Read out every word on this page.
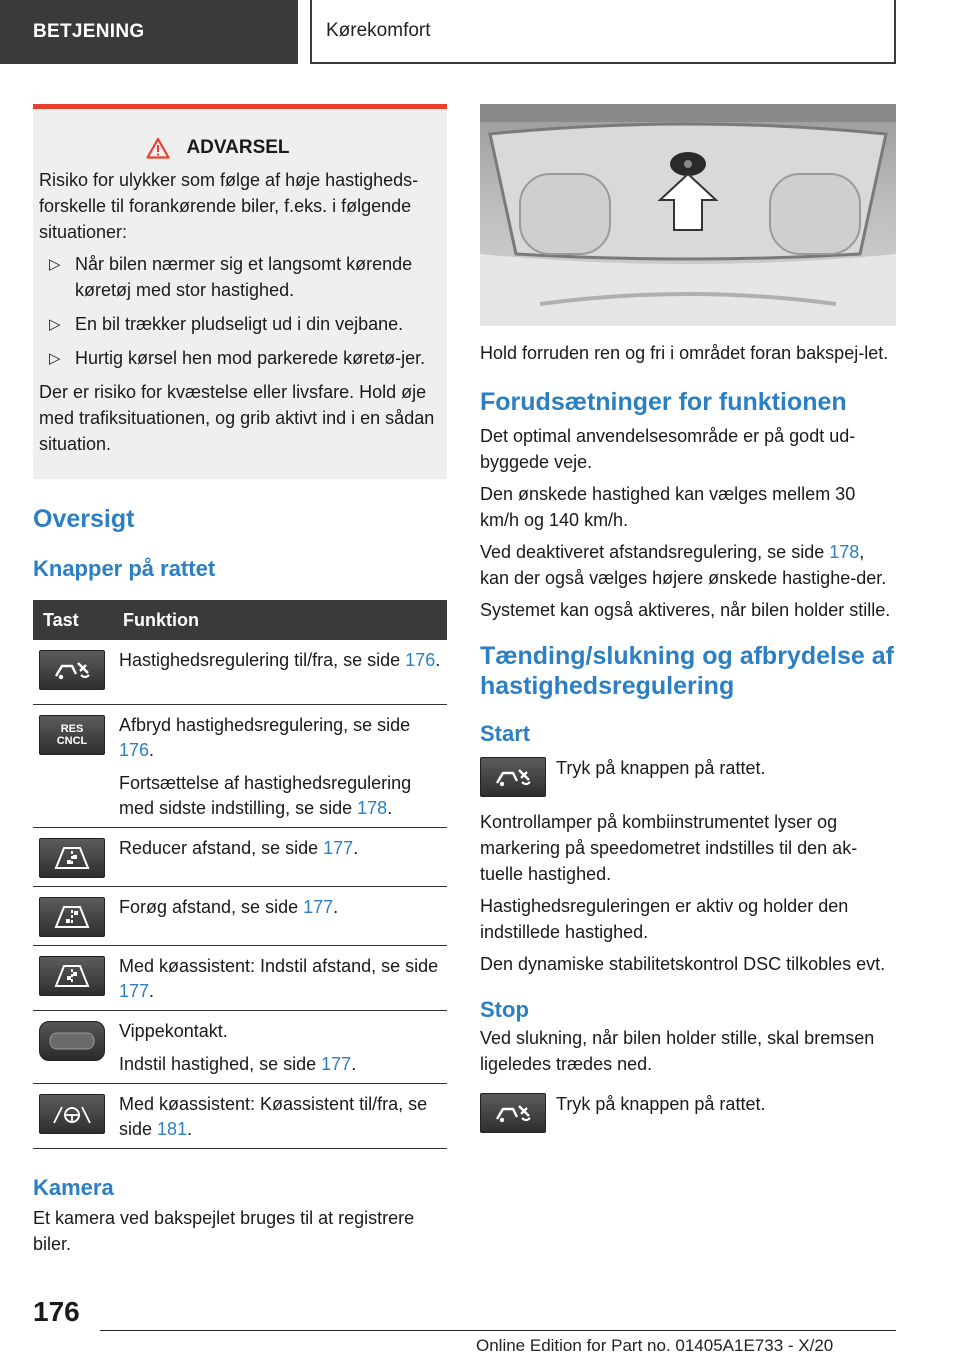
BETJENING	Kørekomfort
ADVARSEL

Risiko for ulykker som følge af høje hastigheds-forskelle til forankørende biler, f.eks. i følgende situationer:

▷ Når bilen nærmer sig et langsomt kørende køretøj med stor hastighed.
▷ En bil trækker pludseligt ud i din vejbane.
▷ Hurtig kørsel hen mod parkerede køretø-jer.

Der er risiko for kvæstelse eller livsfare. Hold øje med trafiksituationen, og grib aktivt ind i en sådan situation.

Oversigt
Knapper på rattet
Tast	Funktion

	Hastighedsregulering til/fra, se side 176.

RES
CNCL	Afbryd hastighedsregulering, se side 176.
Fortsættelse af hastighedsregulering med sidste indstilling, se side 178.

	Reducer afstand, se side 177.

	Forøg afstand, se side 177.

	Med køassistent: Indstil afstand, se side 177.

	Vippekontakt.
Indstil hastighed, se side 177.

	Med køassistent: Køassistent til/fra, se side 181.
Kamera

Et kamera ved bakspejlet bruges til at registrere biler.

Hold forruden ren og fri i området foran bakspej-let.

Forudsætninger for funktionen

Det optimal anvendelsesområde er på godt ud-byggede veje.

Den ønskede hastighed kan vælges mellem 30 km/h og 140 km/h.

Ved deaktiveret afstandsregulering, se side 178, kan der også vælges højere ønskede hastighe-der.

Systemet kan også aktiveres, når bilen holder stille.

Tænding/slukning og afbrydelse af hastighedsregulering
Start

Tryk på knappen på rattet.

Kontrollamper på kombiinstrumentet lyser og markering på speedometret indstilles til den ak-tuelle hastighed.

Hastighedsreguleringen er aktiv og holder den indstillede hastighed.

Den dynamiske stabilitetskontrol DSC tilkobles evt.

Stop

Ved slukning, når bilen holder stille, skal bremsen ligeledes trædes ned.

Tryk på knappen på rattet.

176
Online Edition for Part no. 01405A1E733 - X/20
